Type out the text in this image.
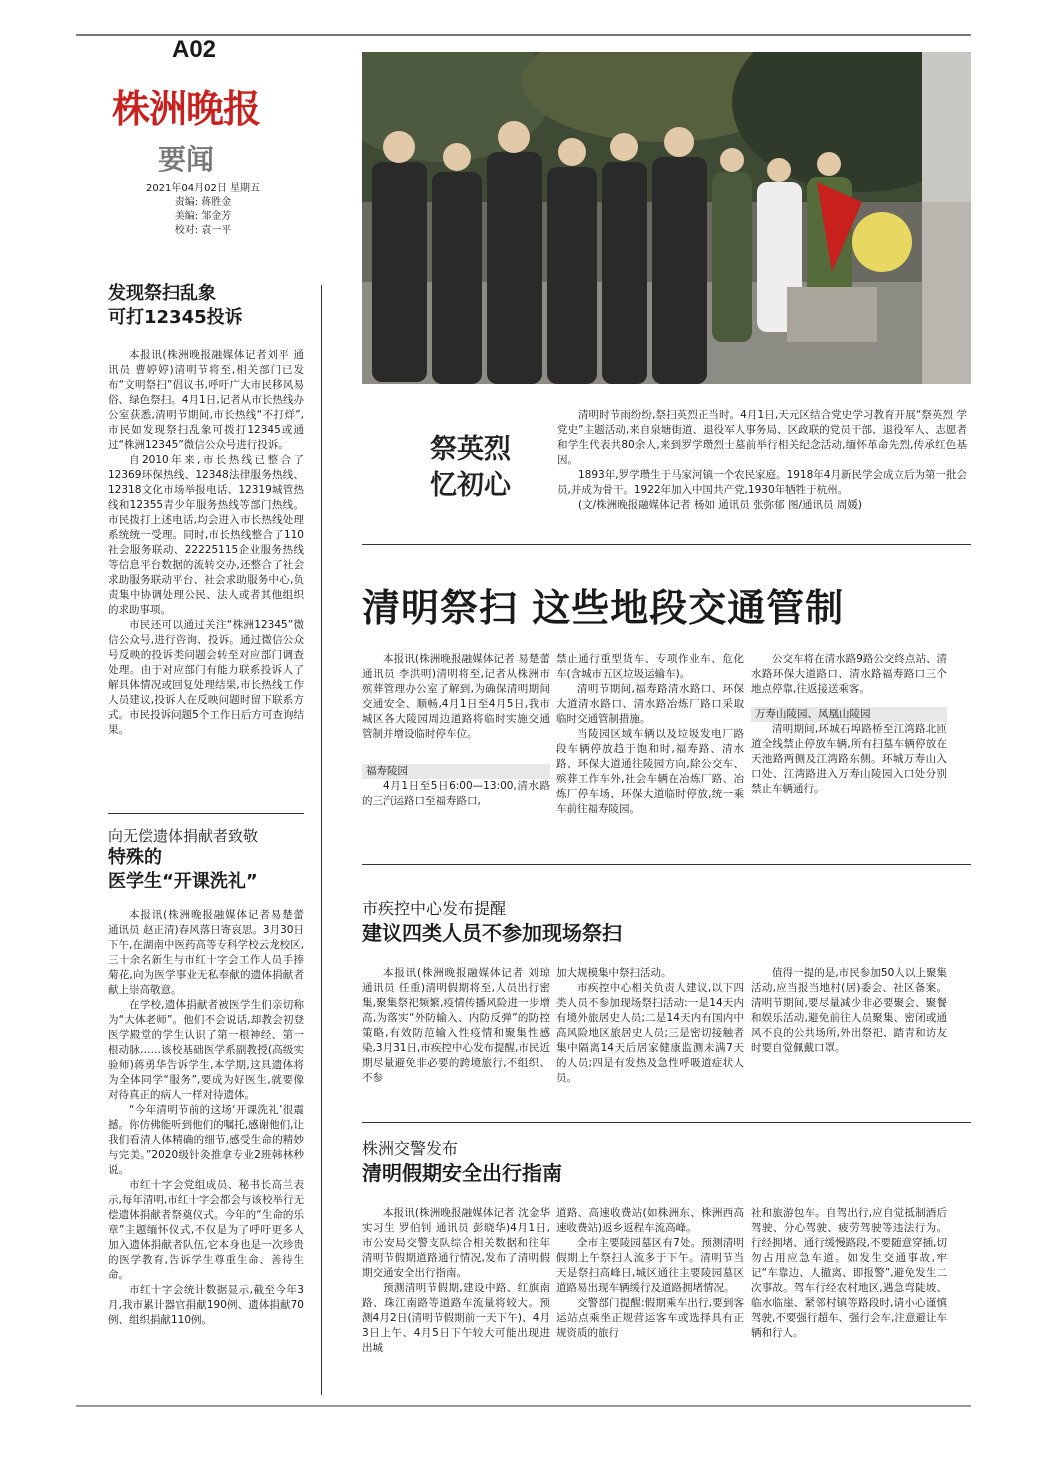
A02
株洲晚报
要闻
2021年04月02日 星期五
责编: 蒋胜金
美编: 邹金芳
校对: 袁一平
发现祭扫乱象
可打12345投诉

本报讯(株洲晚报融媒体记者刘平 通讯员 曹婷婷)清明节将至,相关部门已发布“文明祭扫”倡议书,呼吁广大市民移风易俗、绿色祭扫。4月1日,记者从市长热线办公室获悉,清明节期间,市长热线“不打烊”,市民如发现祭扫乱象可拨打12345或通过“株洲12345”微信公众号进行投诉。

自2010年来,市长热线已整合了12369环保热线、12348法律服务热线、12318文化市场举报电话、12319城管热线和12355青少年服务热线等部门热线。市民拨打上述电话,均会进入市长热线处理系统统一受理。同时,市长热线整合了110社会服务联动、22225115企业服务热线等信息平台数据的流转交办,还整合了社会求助服务联动平台、社会求助服务中心,负责集中协调处理公民、法人或者其他组织的求助事项。

市民还可以通过关注“株洲12345”微信公众号,进行咨询、投诉。通过微信公众号反映的投诉类问题会转至对应部门调查处理。由于对应部门有能力联系投诉人了解具体情况或回复处理结果,市长热线工作人员建议,投诉人在反映问题时留下联系方式。市民投诉问题5个工作日后方可查询结果。

向无偿遗体捐献者致敬
特殊的
医学生“开课洗礼”

本报讯(株洲晚报融媒体记者易楚蕾 通讯员 赵正清)春风落日寄哀思。3月30日下午,在湖南中医药高等专科学校云龙校区,三十余名新生与市红十字会工作人员手捧菊花,向为医学事业无私奉献的遗体捐献者献上崇高敬意。

在学校,遗体捐献者被医学生们亲切称为“大体老师”。他们不会说话,却教会初登医学殿堂的学生认识了第一根神经、第一根动脉……该校基础医学系副教授(高级实验师)蒋勇华告诉学生,本学期,这具遗体将为全体同学“服务”,要成为好医生,就要像对待真正的病人一样对待遗体。

“今年清明节前的这场‘开课洗礼’很震撼。你仿佛能听到他们的嘱托,感谢他们,让我们看清人体精确的细节,感受生命的精妙与完美。”2020级针灸推拿专业2班韩林秒说。

市红十字会党组成员、秘书长高兰表示,每年清明,市红十字会都会与该校举行无偿遗体捐献者祭奠仪式。今年的“生命的乐章”主题缅怀仪式,不仅是为了呼吁更多人加入遗体捐献者队伍,它本身也是一次珍贵的医学教育,告诉学生尊重生命、善待生命。

市红十字会统计数据显示,截至今年3月,我市累计器官捐献190例、遗体捐献70例、组织捐献110例。

祭英烈
忆初心

清明时节雨纷纷,祭扫英烈正当时。4月1日,天元区结合党史学习教育开展“祭英烈 学党史”主题活动,来自泉塘街道、退役军人事务局、区政联的党员干部、退役军人、志愿者和学生代表共80余人,来到罗学瓒烈士墓前举行相关纪念活动,缅怀革命先烈,传承红色基因。

1893年,罗学瓒生于马家河镇一个农民家庭。1918年4月新民学会成立后为第一批会员,并成为骨干。1922年加入中国共产党,1930年牺牲于杭州。

(文/株洲晚报融媒体记者 杨如 通讯员 张弥郁 图/通讯员 周媛)

清明祭扫 这些地段交通管制

本报讯(株洲晚报融媒体记者 易楚蕾 通讯员 李洪明)清明将至,记者从株洲市殡葬管理办公室了解到,为确保清明期间交通安全、顺畅,4月1日至4月5日,我市城区各大陵园周边道路将临时实施交通管制并增设临时停车位。

福寿陵园

4月1日至5日6:00—13:00,清水路的三汽运路口至福寿路口,

禁止通行重型货车、专项作业车、危化车(含城市五区垃圾运输车)。

清明节期间,福寿路清水路口、环保大道清水路口、清水路冶炼厂路口采取临时交通管制措施。

当陵园区域车辆以及垃圾发电厂路段车辆停放趋于饱和时,福寿路、清水路、环保大道通往陵园方向,除公交车、殡葬工作车外,社会车辆在冶炼厂路、冶炼厂停车场、环保大道临时停放,统一乘车前往福寿陵园。

公交车将在清水路9路公交终点站、清水路环保大道路口、清水路福寿路口三个地点停靠,往返接送乘客。

万寿山陵园、凤凰山陵园

清明期间,环城石埠路桥至江湾路北匝道全线禁止停放车辆,所有扫墓车辆停放在天池路两侧及江湾路东侧。环城万寿山入口处、江湾路进入万寿山陵园入口处分别禁止车辆通行。

市疾控中心发布提醒
建议四类人员不参加现场祭扫

本报讯(株洲晚报融媒体记者 刘琼 通讯员 任重)清明假期将至,人员出行密集,聚集祭祀频繁,疫情传播风险进一步增高,为落实“外防输入、内防反弹”的防控策略,有效防范输入性疫情和聚集性感染,3月31日,市疾控中心发布提醒,市民近期尽量避免非必要的跨境旅行,不组织、不参

加大规模集中祭扫活动。

市疾控中心相关负责人建议,以下四类人员不参加现场祭扫活动:一是14天内有境外旅居史人员;二是14天内有国内中高风险地区旅居史人员;三是密切接触者集中隔离14天后居家健康监测未满7天的人员;四是有发热及急性呼吸道症状人员。

值得一提的是,市民参加50人以上聚集活动,应当报当地村(居)委会、社区备案。清明节期间,要尽量减少非必要聚会、聚餐和娱乐活动,避免前往人员聚集、密闭或通风不良的公共场所,外出祭祀、踏青和访友时要自觉佩戴口罩。

株洲交警发布
清明假期安全出行指南

本报讯(株洲晚报融媒体记者 沈金华 实习生 罗伯钊 通讯员 彭晓华)4月1日,市公安局交警支队综合相关数据和往年清明节假期道路通行情况,发布了清明假期交通安全出行指南。

预测清明节假期,建设中路、红旗南路、珠江南路等道路车流量将较大。预测4月2日(清明节假期前一天下午)、4月3日上午、4月5日下午较大可能出现进出城

道路、高速收费站(如株洲东、株洲西高速收费站)返乡返程车流高峰。

全市主要陵园墓区有7处。预测清明假期上午祭扫人流多于下午。清明节当天是祭扫高峰日,城区通往主要陵园墓区道路易出现车辆缓行及道路拥堵情况。

交警部门提醒:假期乘车出行,要到客运站点乘坐正规营运客车或选择具有正规资质的旅行

社和旅游包车。自驾出行,应自觉抵制酒后驾驶、分心驾驶、疲劳驾驶等违法行为。行经拥堵、通行缓慢路段,不要随意穿插,切勿占用应急车道。如发生交通事故,牢记“车靠边、人撤离、即报警”,避免发生二次事故。驾车行经农村地区,遇急弯陡坡、临水临崖、紧邻村镇等路段时,请小心谨慎驾驶,不要强行超车、强行会车,注意避让车辆和行人。
